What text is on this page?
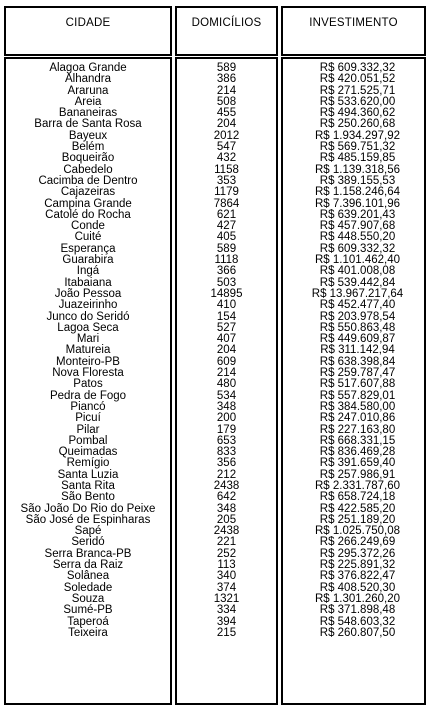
CIDADE	DOMICÍLIOS	INVESTIMENTO
Alagoa Grande
Alhandra
Araruna
Areia
Bananeiras
Barra de Santa Rosa
Bayeux
Belém
Boqueirão
Cabedelo
Cacimba de Dentro
Cajazeiras
Campina Grande
Catolé do Rocha
Conde
Cuité
Esperança
Guarabira
Ingá
Itabaiana
João Pessoa
Juazeirinho
Junco do Seridó
Lagoa Seca
Mari
Matureia
Monteiro-PB
Nova Floresta
Patos
Pedra de Fogo
Piancó
Picuí
Pilar
Pombal
Queimadas
Remígio
Santa Luzia
Santa Rita
São Bento
São João Do Rio do Peixe
São José de Espinharas
Sapé
Seridó
Serra Branca-PB
Serra da Raiz
Solânea
Soledade
Souza
Sumé-PB
Taperoá
Teixeira
589
386
214
508
455
204
2012
547
432
1158
353
1179
7864
621
427
405
589
1118
366
503
14895
410
154
527
407
204
609
214
480
534
348
200
179
653
833
356
212
2438
642
348
205
2438
221
252
113
340
374
1321
334
394
215
R$ 609.332,32
R$ 420.051,52
R$ 271.525,71
R$ 533.620,00
R$ 494.360,62
R$ 250.260,68
R$ 1.934.297,92
R$ 569.751,32
R$ 485.159,85
R$ 1.139.318,56
R$ 389.155,53
R$ 1.158.246,64
R$ 7.396.101,96
R$ 639.201,43
R$ 457.907,68
R$ 448.550,20
R$ 609.332,32
R$ 1.101.462,40
R$ 401.008,08
R$ 539.442,84
R$ 13.967.217,64
R$ 452.477,40
R$ 203.978,54
R$ 550.863,48
R$ 449.609,87
R$ 311.142,94
R$ 638.398,84
R$ 259.787,47
R$ 517.607,88
R$ 557.829,01
R$ 384.580,00
R$ 247.010,86
R$ 227.163,80
R$ 668.331,15
R$ 836.469,28
R$ 391.659,40
R$ 257.986,91
R$ 2.331.787,60
R$ 658.724,18
R$ 422.585,20
R$ 251.189,20
R$ 1.025.750,08
R$ 266.249,69
R$ 295.372,26
R$ 225.891,32
R$ 376.822,47
R$ 408.520,30
R$ 1.301.260,20
R$ 371.898,48
R$ 548.603,32
R$ 260.807,50
